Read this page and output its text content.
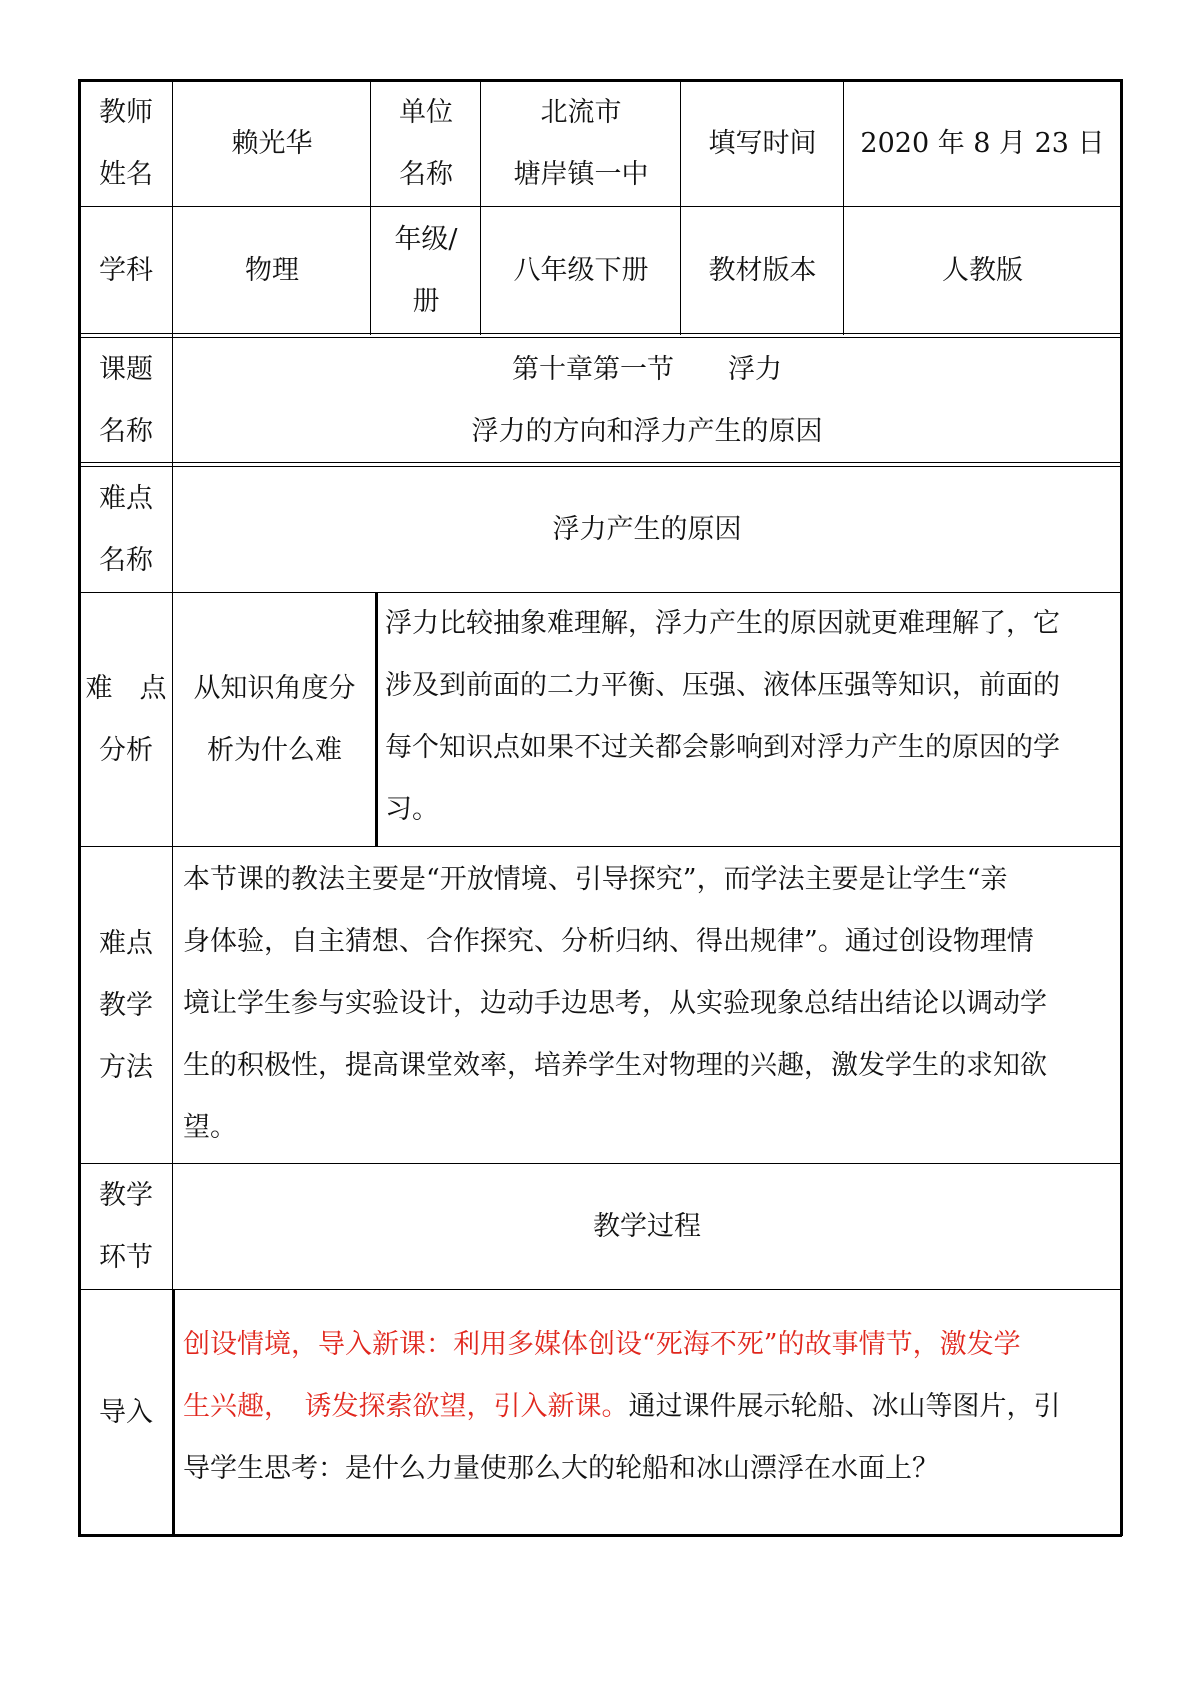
教师
姓名
赖光华
单位
名称
北流市
塘岸镇一中
填写时间 2020 年 8 月 23 日
学科	物理
年级/
册
八年级下册 教材版本	人教版
课题
名称
第十章第一节　　浮力
浮力的方向和浮力产生的原因
难点
名称
浮力产生的原因
难　点
分析
从知识角度分
析为什么难
浮力比较抽象难理解，浮力产生的原因就更难理解了，它
涉及到前面的二力平衡、压强、液体压强等知识，前面的
每个知识点如果不过关都会影响到对浮力产生的原因的学
习。
难点
教学
方法
本节课的教法主要是“开放情境、引导探究”，而学法主要是让学生“亲
身体验，自主猜想、合作探究、分析归纳、得出规律”。通过创设物理情
境让学生参与实验设计，边动手边思考，从实验现象总结出结论以调动学
生的积极性，提高课堂效率，培养学生对物理的兴趣，激发学生的求知欲
望。
教学
环节
教学过程
导入
创设情境，导入新课：利用多媒体创设“死海不死”的故事情节，激发学
生兴趣，　诱发探索欲望，引入新课。通过课件展示轮船、冰山等图片，引
导学生思考：是什么力量使那么大的轮船和冰山漂浮在水面上？
